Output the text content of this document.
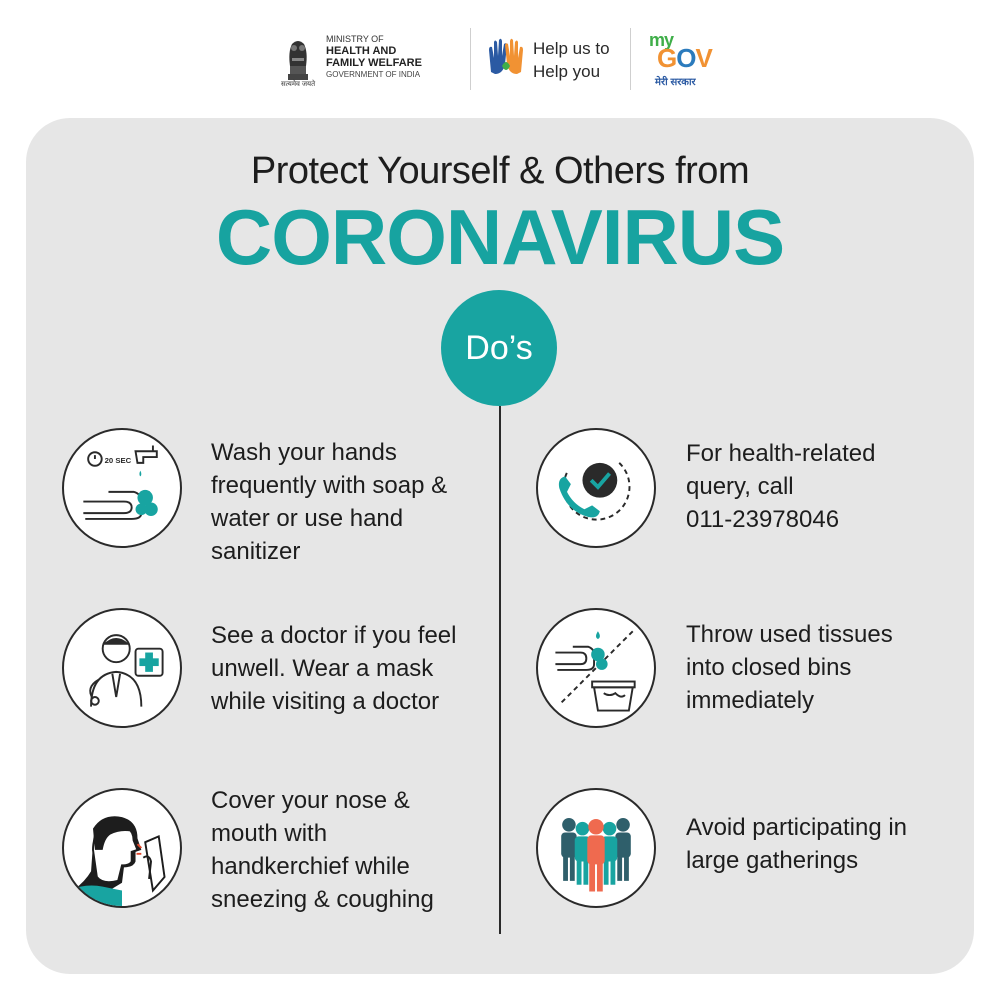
सत्यमेव जयते
MINISTRY OF
HEALTH AND
FAMILY WELFARE
GOVERNMENT OF INDIA
Help us to
Help you
my
GOV
मेरी सरकार
Protect Yourself & Others from
CORONAVIRUS
Do’s
20 SEC	Wash your hands
frequently with soap &
water or use hand
sanitizer
See a doctor if you feel
unwell. Wear a mask
while visiting a doctor
Cover your nose &
mouth with
handkerchief while
sneezing & coughing
For health-related
query, call
011-23978046
Throw used tissues
into closed bins
immediately
Avoid participating in
large gatherings
